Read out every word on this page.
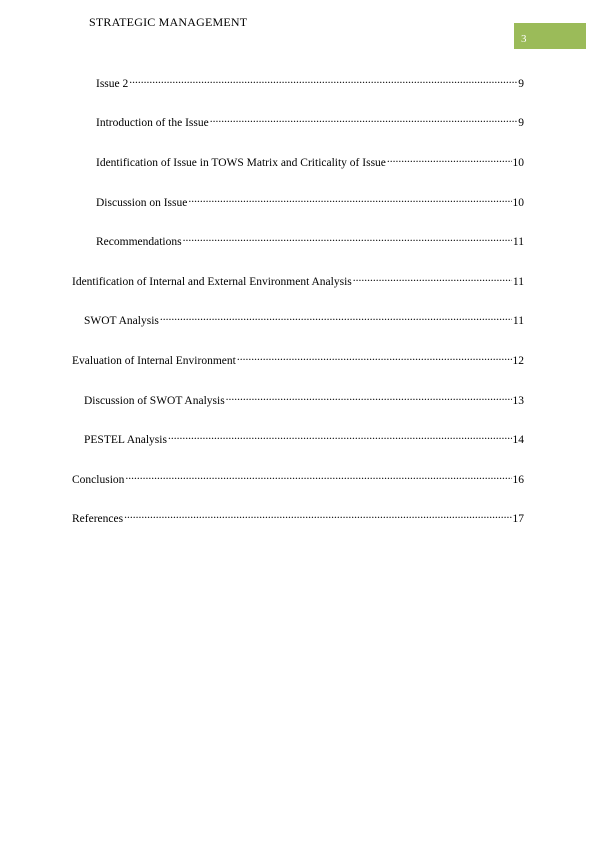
STRATEGIC MANAGEMENT
3
Issue 2 .....	9
Introduction of the Issue .....	9
Identification of Issue in TOWS Matrix and Criticality of Issue .....	10
Discussion on Issue .....	10
Recommendations .....	11
Identification of Internal and External Environment Analysis .....	11
SWOT Analysis .....	11
Evaluation of Internal Environment .....	12
Discussion of SWOT Analysis .....	13
PESTEL Analysis .....	14
Conclusion .....	16
References .....	17
